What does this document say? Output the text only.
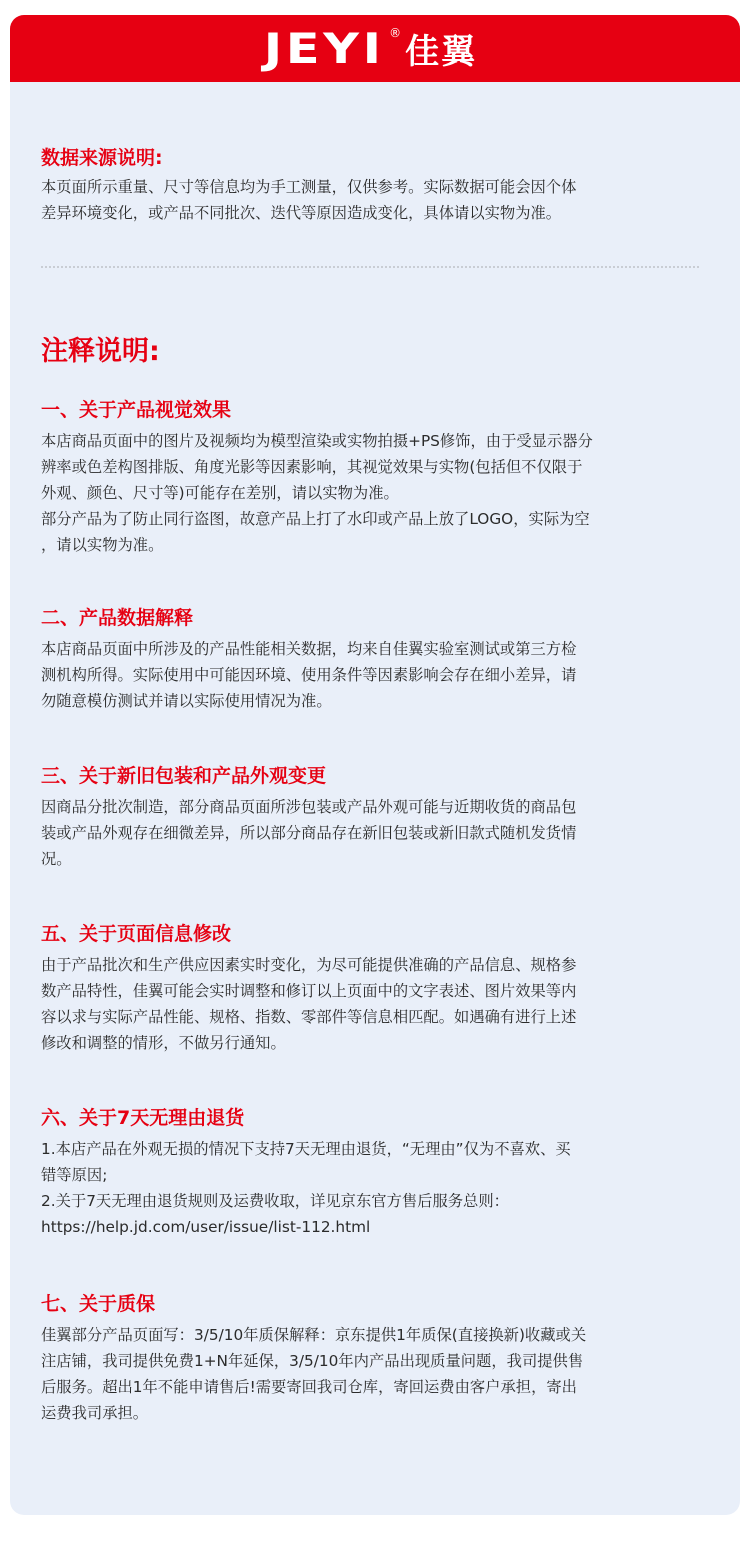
JEYI ® 佳翼

数据来源说明:

本页面所示重量、尺寸等信息均为手工测量，仅供参考。实际数据可能会因个体

差异环境变化，或产品不同批次、迭代等原因造成变化，具体请以实物为准。

注释说明:

一、关于产品视觉效果

本店商品页面中的图片及视频均为模型渲染或实物拍摄+PS修饰，由于受显示器分

辨率或色差构图排版、角度光影等因素影响，其视觉效果与实物(包括但不仅限于

外观、颜色、尺寸等)可能存在差别，请以实物为准。

部分产品为了防止同行盗图，故意产品上打了水印或产品上放了LOGO，实际为空

，请以实物为准。

二、产品数据解释

本店商品页面中所涉及的产品性能相关数据，均来自佳翼实验室测试或第三方检

测机构所得。实际使用中可能因环境、使用条件等因素影响会存在细小差异，请

勿随意模仿测试并请以实际使用情况为准。

三、关于新旧包装和产品外观变更

因商品分批次制造，部分商品页面所涉包装或产品外观可能与近期收货的商品包

装或产品外观存在细微差异，所以部分商品存在新旧包装或新旧款式随机发货情

况。

五、关于页面信息修改

由于产品批次和生产供应因素实时变化，为尽可能提供准确的产品信息、规格参

数产品特性，佳翼可能会实时调整和修订以上页面中的文字表述、图片效果等内

容以求与实际产品性能、规格、指数、零部件等信息相匹配。如遇确有进行上述

修改和调整的情形，不做另行通知。

六、关于7天无理由退货

1.本店产品在外观无损的情况下支持7天无理由退货，“无理由”仅为不喜欢、买

错等原因;

2.关于7天无理由退货规则及运费收取，详见京东官方售后服务总则：

https://help.jd.com/user/issue/list-112.html

七、关于质保

佳翼部分产品页面写：3/5/10年质保解释：京东提供1年质保(直接换新)收藏或关

注店铺，我司提供免费1+N年延保，3/5/10年内产品出现质量问题，我司提供售

后服务。超出1年不能申请售后!需要寄回我司仓库，寄回运费由客户承担，寄出

运费我司承担。
